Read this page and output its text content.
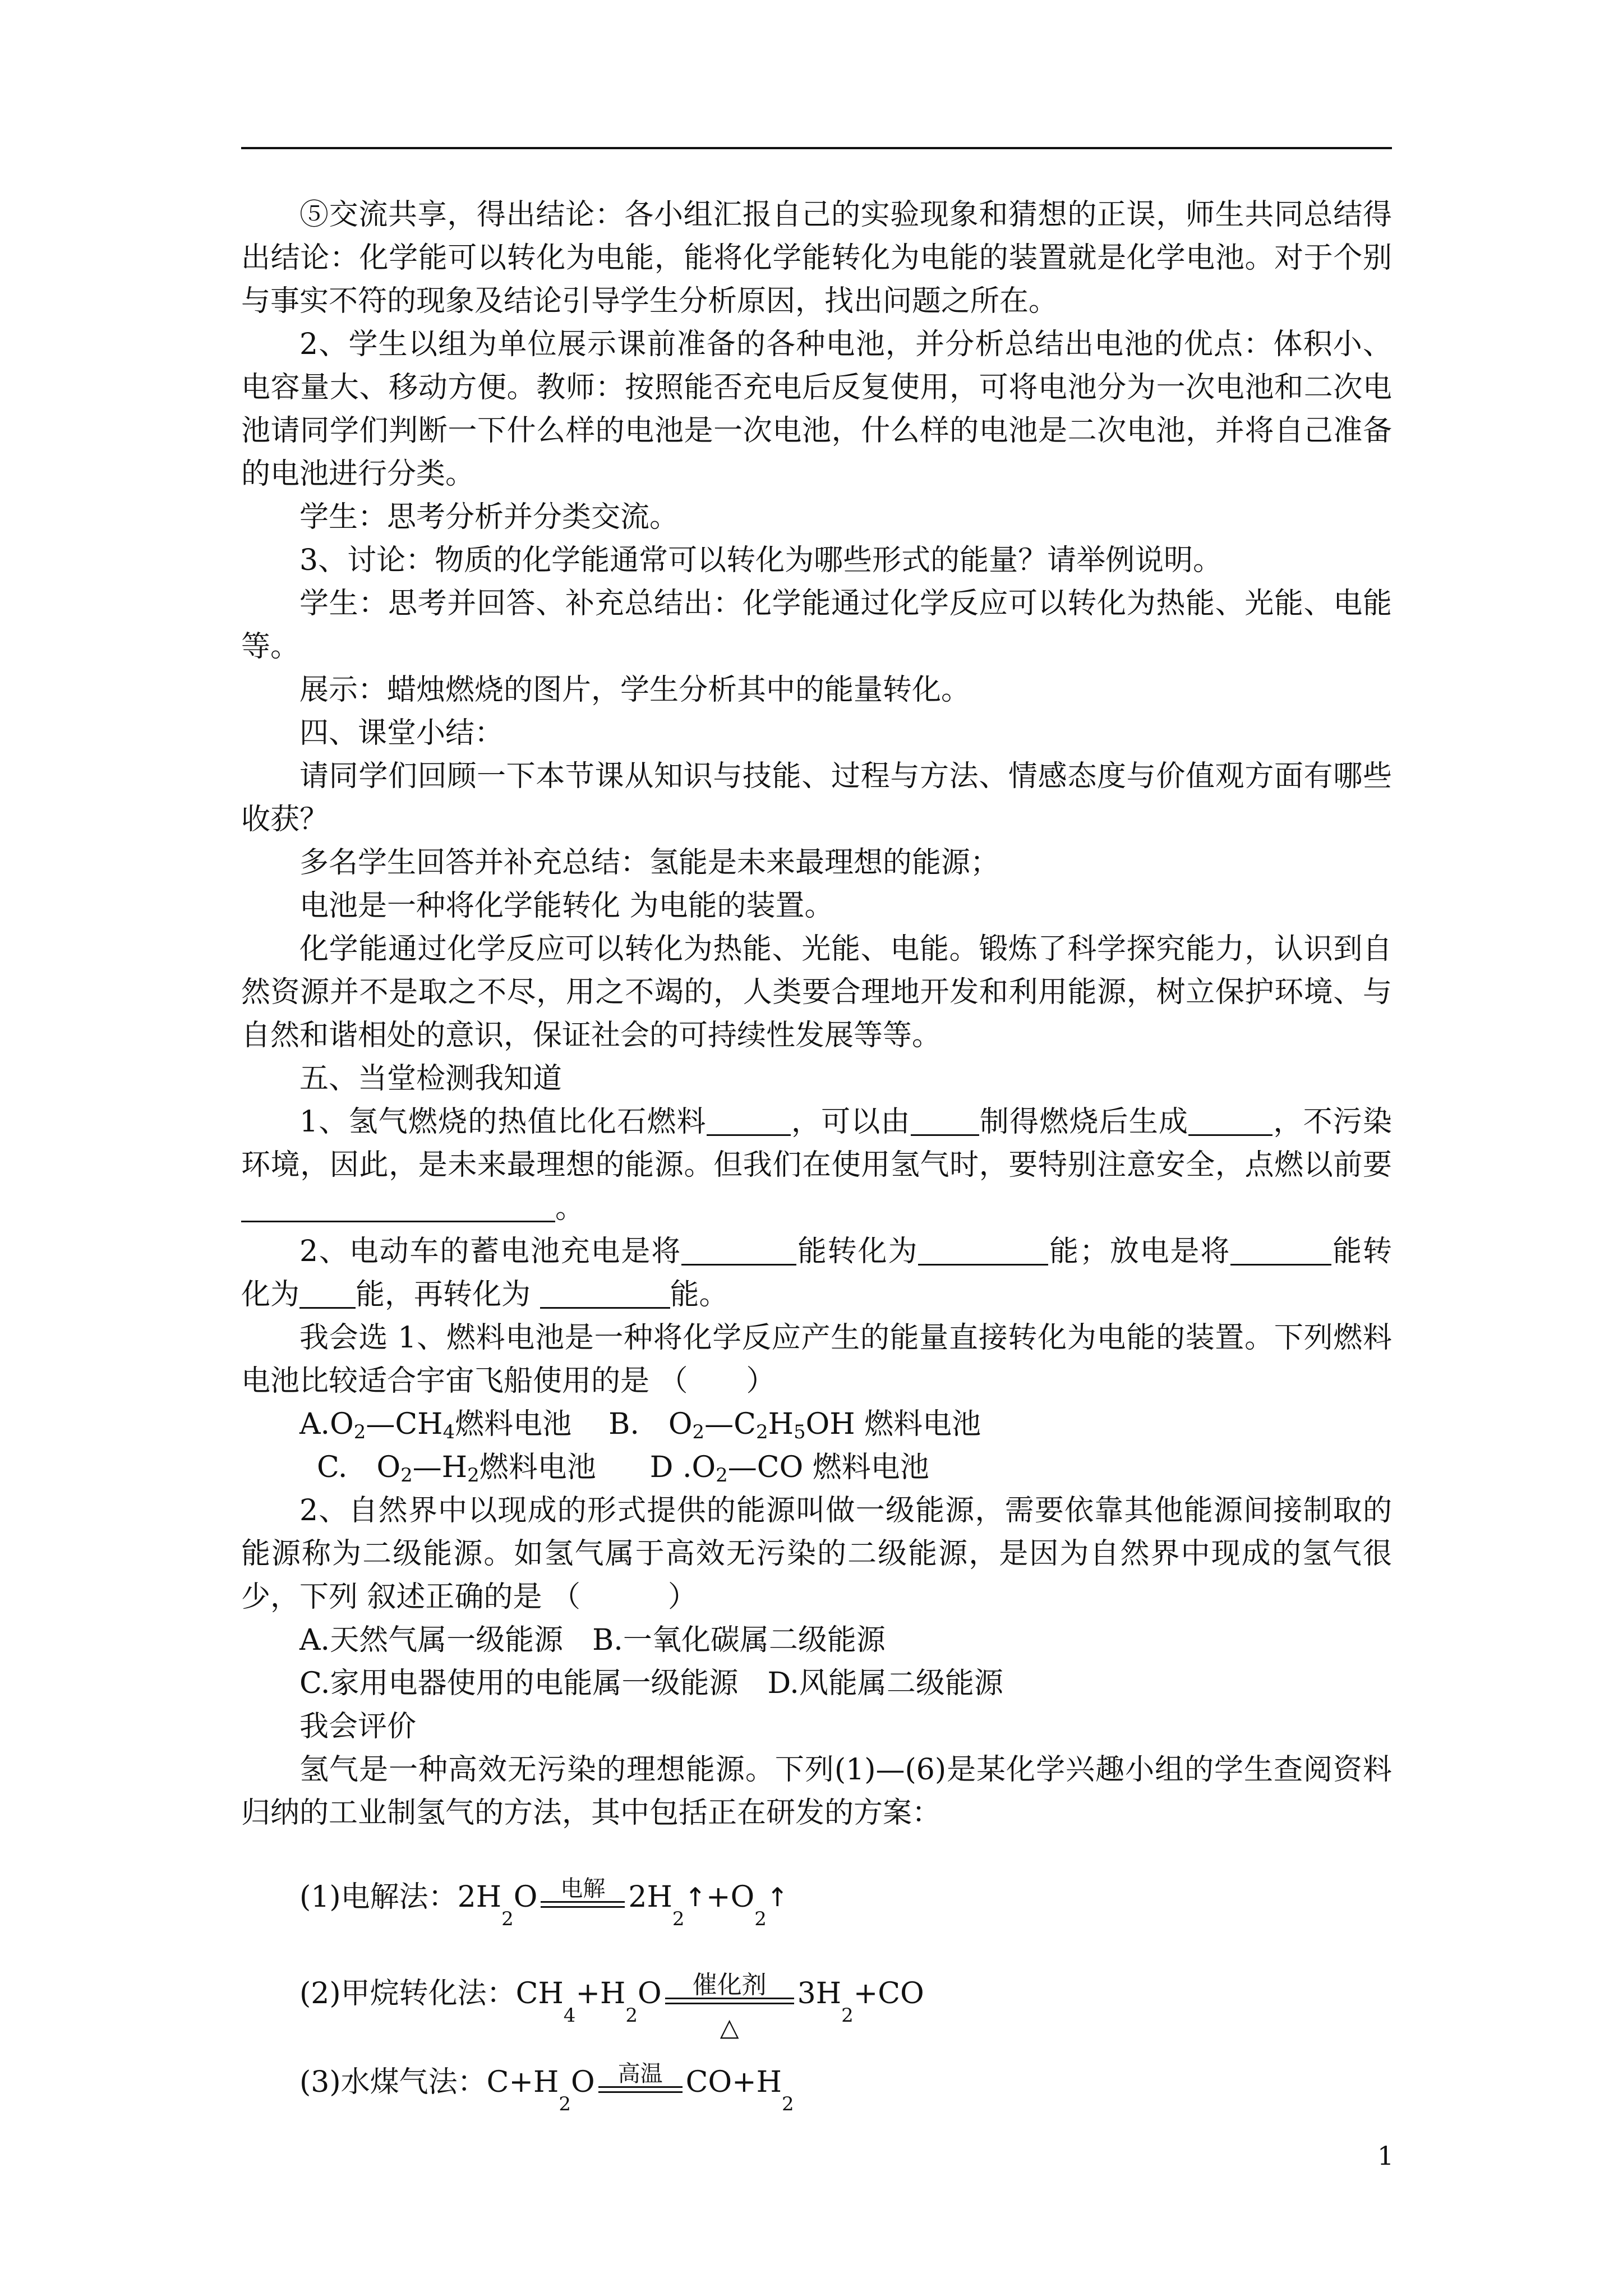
⑤交流共享，得出结论：各小组汇报自己的实验现象和猜想的正误，师生共同总结得出结论：化学能可以转化为电能，能将化学能转化为电能的装置就是化学电池。对于个别与事实不符的现象及结论引导学生分析原因，找出问题之所在。

2、学生以组为单位展示课前准备的各种电池，并分析总结出电池的优点：体积小、电容量大、移动方便。教师：按照能否充电后反复使用，可将电池分为一次电池和二次电池请同学们判断一下什么样的电池是一次电池，什么样的电池是二次电池，并将自己准备的电池进行分类。

学生：思考分析并分类交流。

3、讨论：物质的化学能通常可以转化为哪些形式的能量？请举例说明。

学生：思考并回答、补充总结出：化学能通过化学反应可以转化为热能、光能、电能等。

展示：蜡烛燃烧的图片，学生分析其中的能量转化。

四、课堂小结：

请同学们回顾一下本节课从知识与技能、过程与方法、情感态度与价值观方面有哪些收获？

多名学生回答并补充总结：氢能是未来最理想的能源；

电池是一种将化学能转化 为电能的装置。

化学能通过化学反应可以转化为热能、光能、电能。锻炼了科学探究能力，认识到自然资源并不是取之不尽，用之不竭的，人类要合理地开发和利用能源，树立保护环境、与自然和谐相处的意识，保证社会的可持续性发展等等。

五、当堂检测我知道

1、氢气燃烧的热值比化石燃料	，可以由 制得燃烧后生成	，不污染环境，因此，是未来最理想的能源。但我们在使用氢气时，要特别注意安全，点燃以前要。

2、电动车的蓄电池充电是将	能转化为	能；放电是将	能转化为 能，再转化为	能。

我会选 1、燃料电池是一种将化学反应产生的能量直接转化为电能的装置。下列燃料电池比较适合宇宙飞船使用的是 （　　）

$A.O_2—CH_4$燃料电池 B.　$O_2—C_2H_5OH$ 燃料电池

C.　$O_2—H_2$燃料电池 D $.O_2—CO$ 燃料电池

2、自然界中以现成的形式提供的能源叫做一级能源，需要依靠其他能源间接制取的能源称为二级能源。如氢气属于高效无污染的二级能源，是因为自然界中现成的氢气很少，下列 叙述正确的是 （　　　）

A.天然气属一级能源　B.一氧化碳属二级能源

C.家用电器使用的电能属一级能源　D.风能属二级能源

我会评价

氢气是一种高效无污染的理想能源。下列(1)—(6)是某化学兴趣小组的学生查阅资料归纳的工业制氢气的方法，其中包括正在研发的方案：

(1)电解法：2H
2
O 电解 2H
2
↑ +O
2
↑
(2)甲烷转化法：CH
4
+H
2
O 催化剂
△
3H
2
+CO
(3)水煤气法：C+H
2
O 高温 CO+H
2
1
